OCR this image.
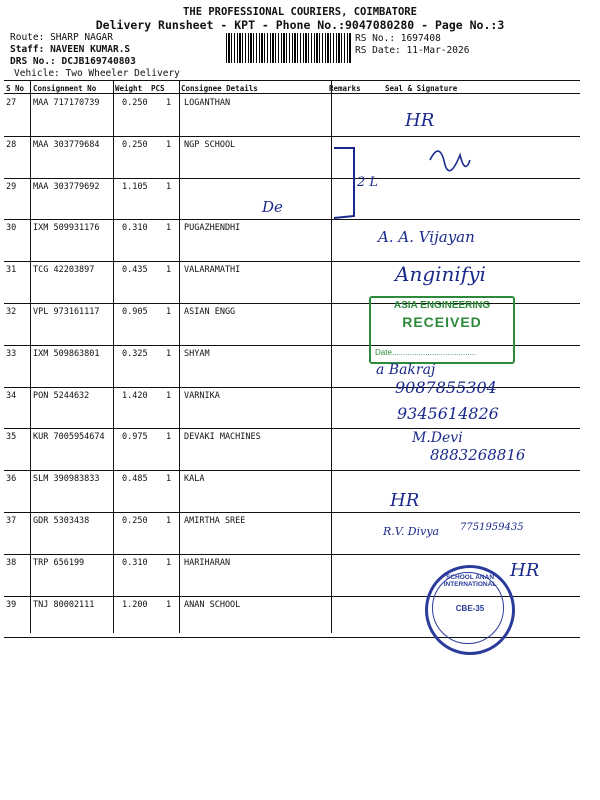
THE PROFESSIONAL COURIERS, COIMBATORE
Delivery Runsheet - KPT - Phone No.:9047080280 - Page No.:3
Route: SHARP NAGAR
Staff: NAVEEN KUMAR.S
DRS No.: DCJB169740803
Vehicle: Two Wheeler Delivery
RS No.: 1697408
RS Date: 11-Mar-2026
S No Consignment No	Weight PCS Consignee Details	Remarks	Seal & Signature
27 MAA 717170739	0.250 1 LOGANTHAN
28 MAA 303779684	0.250 1 NGP SCHOOL
29 MAA 303779692	1.105 1
30 IXM 509931176	0.310 1 PUGAZHENDHI
31 TCG 42203897	0.435 1 VALARAMATHI
32 VPL 973161117	0.905 1 ASIAN ENGG
33 IXM 509863801	0.325 1 SHYAM
34 PON 5244632	1.420 1 VARNIKA
35 KUR 7005954674 0.975 1 DEVAKI MACHINES
36 SLM 390983833	0.485 1 KALA
37 GDR 5303438	0.250 1 AMIRTHA SREE
38 TRP 656199	0.310 1 HARIHARAN
39 TNJ 80002111	1.200 1 ANAN SCHOOL
HR
2 L
De
A. A. Vijayan
Anginifyi
ASIA ENGINEERING
RECEIVED
Date......................................
a Bakraj
9087855304
9345614826
M.Devi
8883268816
HR
R.V. Divya 7751959435
HR
SCHOOL ANAN INTERNATIONAL
CBE-35
